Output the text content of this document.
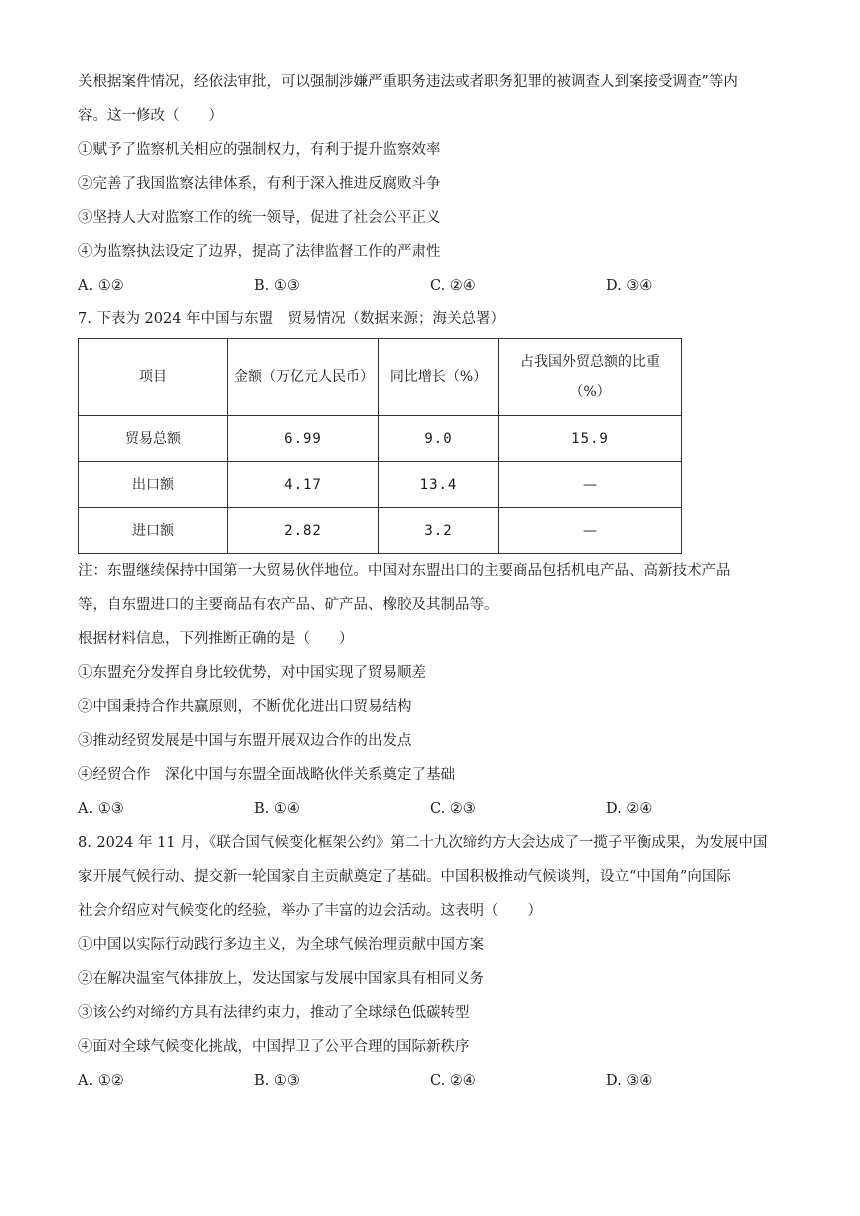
关根据案件情况，经依法审批，可以强制涉嫌严重职务违法或者职务犯罪的被调查人到案接受调查”等内
容。这一修改（　　）
①赋予了监察机关相应的强制权力，有利于提升监察效率
②完善了我国监察法律体系，有利于深入推进反腐败斗争
③坚持人大对监察工作的统一领导，促进了社会公平正义
④为监察执法设定了边界，提高了法律监督工作的严肃性
A. ①②	B. ①③	C. ②④	D. ③④
7. 下表为 2024 年中国与东盟　贸易情况（数据来源；海关总署）
项目	金额（万亿元人民币）	同比增长（%）	占我国外贸总额的比重（%）
贸易总额	6.99	9.0	15.9
出口额	4.17	13.4	—
进口额	2.82	3.2	—
注：东盟继续保持中国第一大贸易伙伴地位。中国对东盟出口的主要商品包括机电产品、高新技术产品
等，自东盟进口的主要商品有农产品、矿产品、橡胶及其制品等。
根据材料信息，下列推断正确的是（　　）
①东盟充分发挥自身比较优势，对中国实现了贸易顺差
②中国秉持合作共赢原则，不断优化进出口贸易结构
③推动经贸发展是中国与东盟开展双边合作的出发点
④经贸合作　深化中国与东盟全面战略伙伴关系奠定了基础
A. ①③	B. ①④	C. ②③	D. ②④
8. 2024 年 11 月，《联合国气候变化框架公约》第二十九次缔约方大会达成了一揽子平衡成果，为发展中国
家开展气候行动、提交新一轮国家自主贡献奠定了基础。中国积极推动气候谈判，设立“中国角”向国际
社会介绍应对气候变化的经验，举办了丰富的边会活动。这表明（　　）
①中国以实际行动践行多边主义，为全球气候治理贡献中国方案
②在解决温室气体排放上，发达国家与发展中国家具有相同义务
③该公约对缔约方具有法律约束力，推动了全球绿色低碳转型
④面对全球气候变化挑战，中国捍卫了公平合理的国际新秩序
A. ①②	B. ①③	C. ②④	D. ③④
